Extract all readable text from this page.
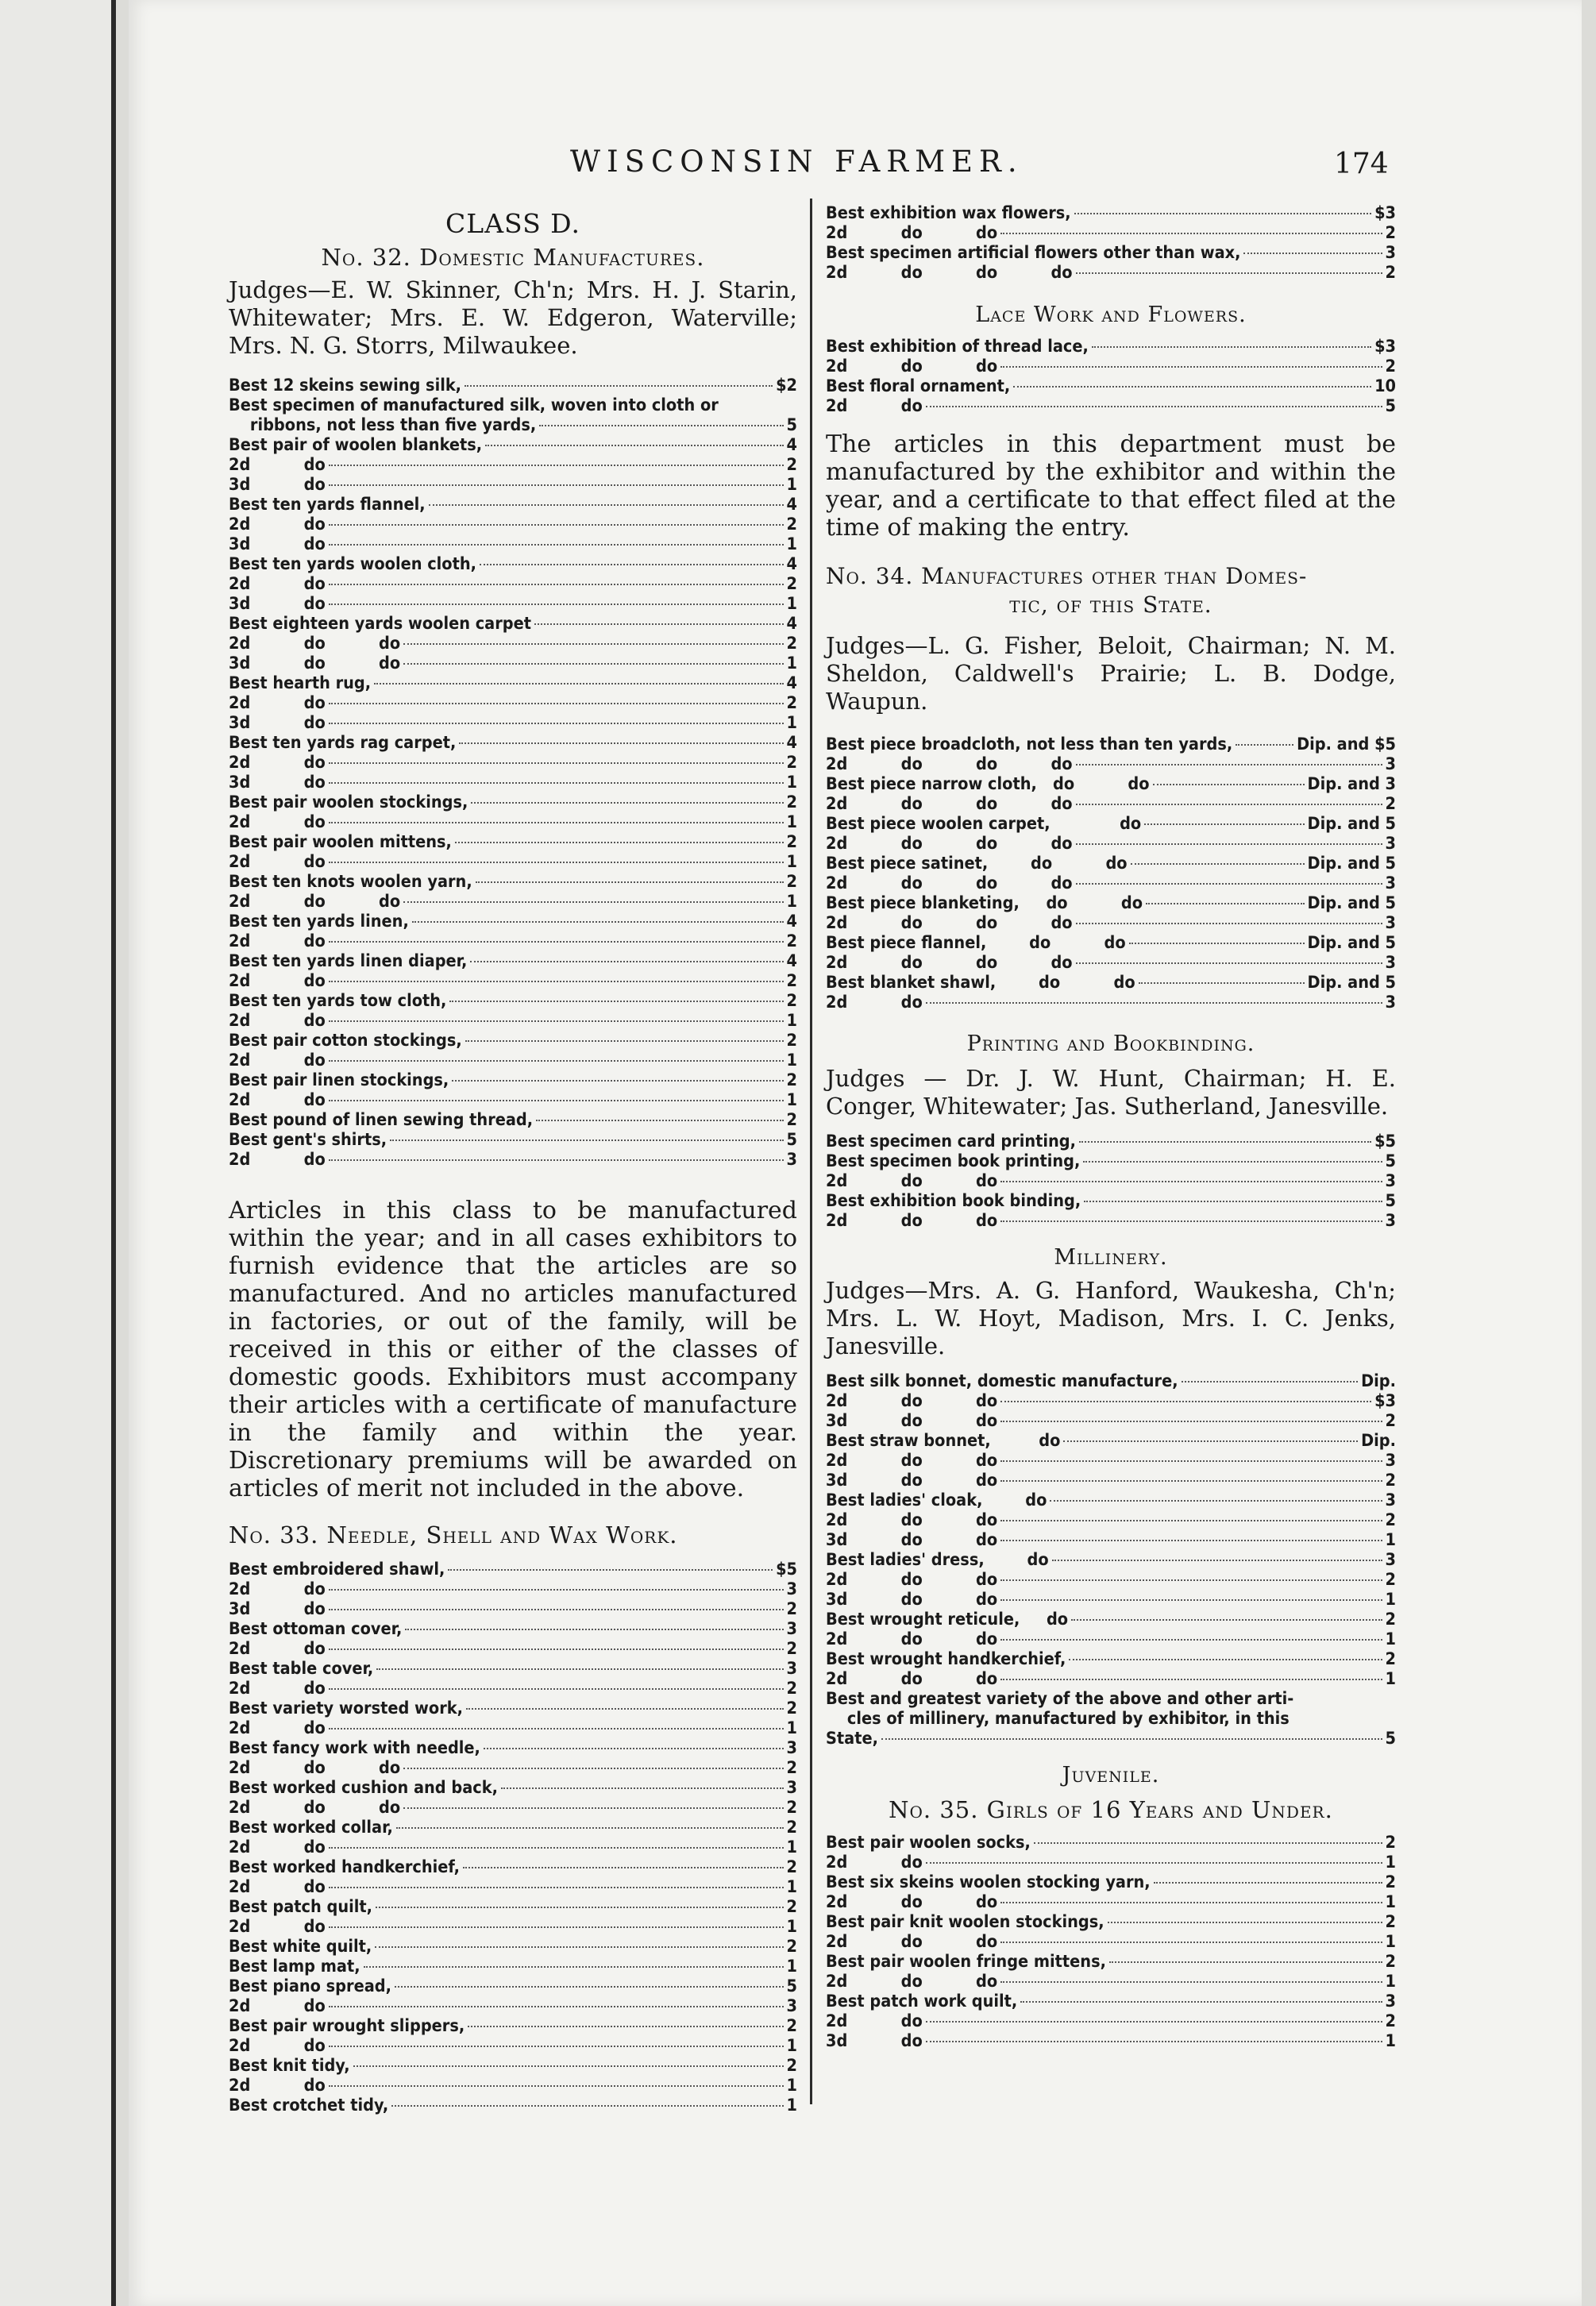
WISCONSIN FARMER.	174
CLASS D.
No. 32. Domestic Manufactures.
Judges—E. W. Skinner, Ch'n; Mrs. H. J. Starin, Whitewater; Mrs. E. W. Edgeron, Waterville; Mrs. N. G. Storrs, Milwaukee.
Best 12 skeins sewing silk,	$2
Best specimen of manufactured silk, woven into cloth or
ribbons, not less than five yards,	5
Best pair of woolen blankets,	4
2d          do	2
3d          do	1
Best ten yards flannel,	4
2d          do	2
3d          do	1
Best ten yards woolen cloth,	4
2d          do	2
3d          do	1
Best eighteen yards woolen carpet	4
2d          do          do	2
3d          do          do	1
Best hearth rug,	4
2d          do	2
3d          do	1
Best ten yards rag carpet,	4
2d          do	2
3d          do	1
Best pair woolen stockings,	2
2d          do	1
Best pair woolen mittens,	2
2d          do	1
Best ten knots woolen yarn,	2
2d          do          do	1
Best ten yards linen,	4
2d          do	2
Best ten yards linen diaper,	4
2d          do	2
Best ten yards tow cloth,	2
2d          do	1
Best pair cotton stockings,	2
2d          do	1
Best pair linen stockings,	2
2d          do	1
Best pound of linen sewing thread,	2
Best gent's shirts,	5
2d          do	3
Articles in this class to be manufactured within the year; and in all cases exhibitors to furnish evidence that the articles are so manufactured. And no articles manufactured in factories, or out of the family, will be received in this or either of the classes of domestic goods. Exhibitors must accompany their articles with a certificate of manufacture in the family and within the year. Discretionary premiums will be awarded on articles of merit not included in the above.
No. 33. Needle, Shell and Wax Work.
Best embroidered shawl,	$5
2d          do	3
3d          do	2
Best ottoman cover,	3
2d          do	2
Best table cover,	3
2d          do	2
Best variety worsted work,	2
2d          do	1
Best fancy work with needle,	3
2d          do          do	2
Best worked cushion and back,	3
2d          do          do	2
Best worked collar,	2
2d          do	1
Best worked handkerchief,	2
2d          do	1
Best patch quilt,	2
2d          do	1
Best white quilt,	2
Best lamp mat,	1
Best piano spread,	5
2d          do	3
Best pair wrought slippers,	2
2d          do	1
Best knit tidy,	2
2d          do	1
Best crotchet tidy,	1
Best exhibition wax flowers,	$3
2d          do          do	2
Best specimen artificial flowers other than wax,	3
2d          do          do          do	2
Lace Work and Flowers.
Best exhibition of thread lace,	$3
2d          do          do	2
Best floral ornament,	10
2d          do	5
The articles in this department must be manufactured by the exhibitor and within the year, and a certificate to that effect filed at the time of making the entry.
No. 34. Manufactures other than Domes-
tic, of this State.
Judges—L. G. Fisher, Beloit, Chairman; N. M. Sheldon, Caldwell's Prairie; L. B. Dodge, Waupun.
Best piece broadcloth, not less than ten yards,	Dip. and $5
2d          do          do          do	3
Best piece narrow cloth,   do          do	Dip. and 3
2d          do          do          do	2
Best piece woolen carpet,             do	Dip. and 5
2d          do          do          do	3
Best piece satinet,        do          do	Dip. and 5
2d          do          do          do	3
Best piece blanketing,     do          do	Dip. and 5
2d          do          do          do	3
Best piece flannel,        do          do	Dip. and 5
2d          do          do          do	3
Best blanket shawl,        do          do	Dip. and 5
2d          do	3
Printing and Bookbinding.
Judges — Dr. J. W. Hunt, Chairman; H. E. Conger, Whitewater; Jas. Sutherland, Janesville.
Best specimen card printing,	$5
Best specimen book printing,	5
2d          do          do	3
Best exhibition book binding,	5
2d          do          do	3
Millinery.
Judges—Mrs. A. G. Hanford, Waukesha, Ch'n; Mrs. L. W. Hoyt, Madison, Mrs. I. C. Jenks, Janesville.
Best silk bonnet, domestic manufacture,	Dip.
2d          do          do	$3
3d          do          do	2
Best straw bonnet,         do	Dip.
2d          do          do	3
3d          do          do	2
Best ladies' cloak,        do	3
2d          do          do	2
3d          do          do	1
Best ladies' dress,        do	3
2d          do          do	2
3d          do          do	1
Best wrought reticule,     do	2
2d          do          do	1
Best wrought handkerchief,	2
2d          do          do	1
Best and greatest variety of the above and other arti-
cles of millinery, manufactured by exhibitor, in this
State,	5
Juvenile.
No. 35. Girls of 16 Years and Under.
Best pair woolen socks,	2
2d          do	1
Best six skeins woolen stocking yarn,	2
2d          do          do	1
Best pair knit woolen stockings,	2
2d          do          do	1
Best pair woolen fringe mittens,	2
2d          do          do	1
Best patch work quilt,	3
2d          do	2
3d          do	1
